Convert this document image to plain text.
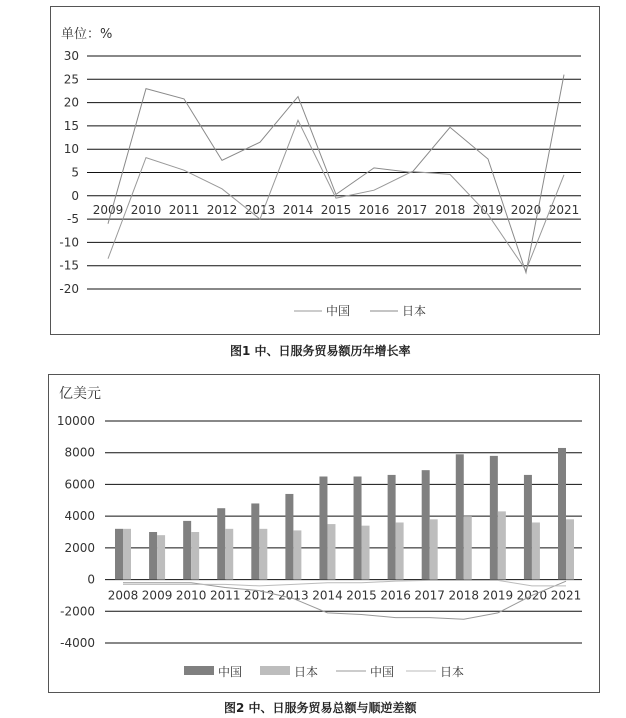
单位：%
30
25
20
15
10
5
0
-5
-10
-15
-20
2009 2010 2011 2012 2013 2014 2015 2016 2017 2018 2019 2020 2021
中国	日本
图1 中、日服务贸易额历年增长率
亿美元
10000
8000
6000
4000
2000
0
-2000
-4000
2008 2009 2010 2011 2012 2013 2014 2015 2016 2017 2018 2019 2020 2021
中国	日本	中国	日本
图2 中、日服务贸易总额与顺逆差额
